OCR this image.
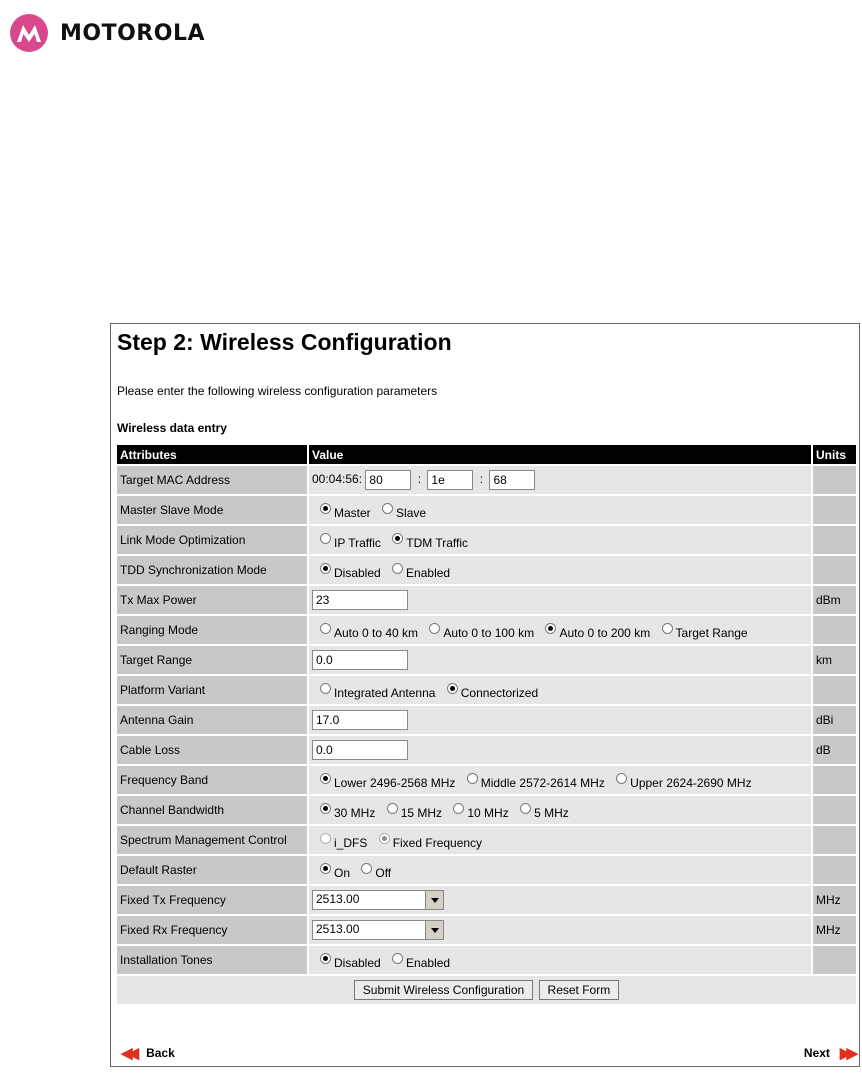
MOTOROLA
Step 2: Wireless Configuration
Please enter the following wireless configuration parameters
Wireless data entry
Attributes	Value	Units
Target MAC Address	00:04:56: 80 : 1e : 68	
Master Slave Mode	Master Slave	
Link Mode Optimization	IP Traffic TDM Traffic	
TDD Synchronization Mode	Disabled Enabled	
Tx Max Power	23	dBm
Ranging Mode	Auto 0 to 40 km Auto 0 to 100 km Auto 0 to 200 km Target Range	
Target Range	0.0	km
Platform Variant	Integrated Antenna Connectorized	
Antenna Gain	17.0	dBi
Cable Loss	0.0	dB
Frequency Band	Lower 2496-2568 MHz Middle 2572-2614 MHz Upper 2624-2690 MHz	
Channel Bandwidth	30 MHz 15 MHz 10 MHz 5 MHz	
Spectrum Management Control	i_DFS Fixed Frequency	
Default Raster	On Off	
Fixed Tx Frequency	2513.00	MHz
Fixed Rx Frequency	2513.00	MHz
Installation Tones	Disabled Enabled	
Submit Wireless Configuration Reset Form		
◀◀ Back	Next ▶▶
